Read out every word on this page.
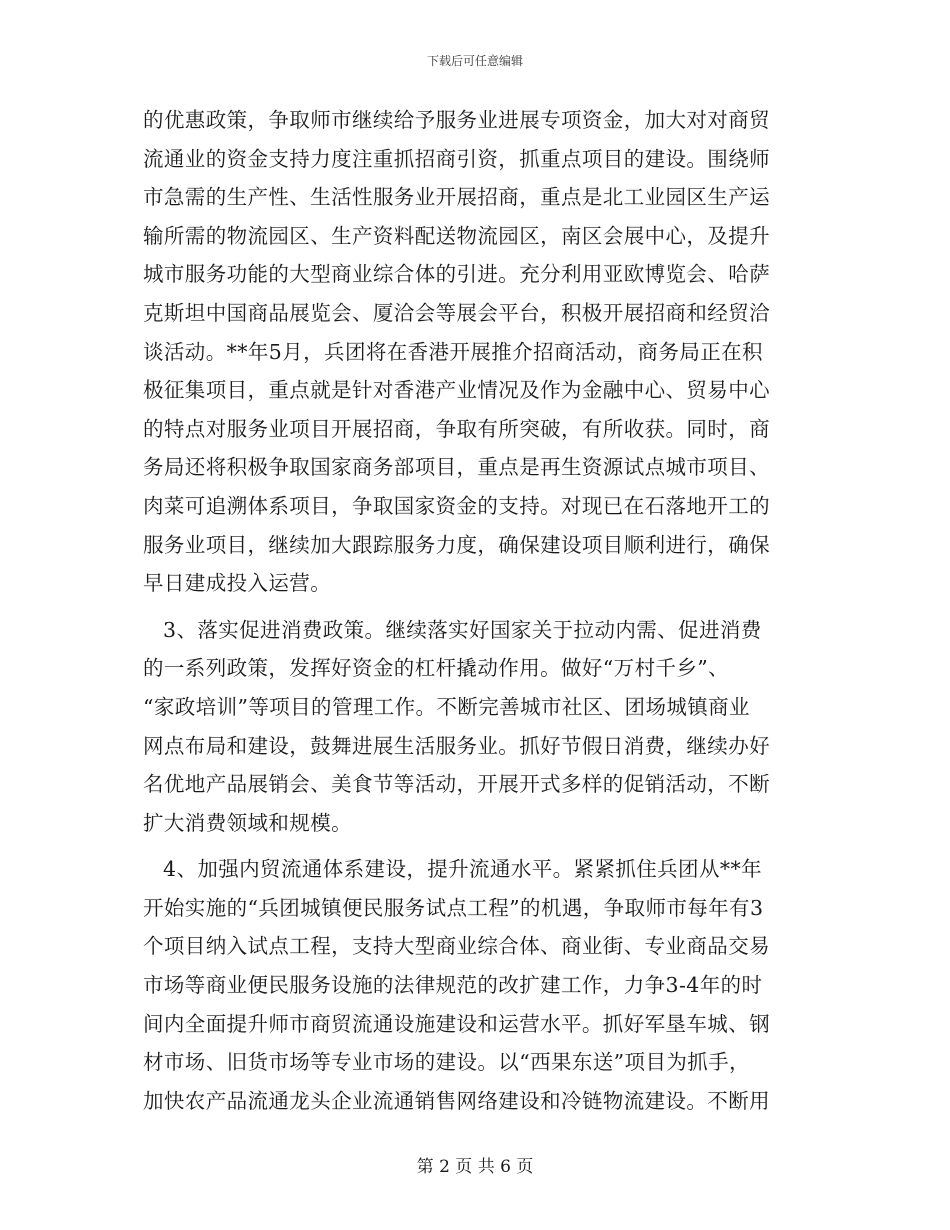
下载后可任意编辑
的优惠政策，争取师市继续给予服务业进展专项资金，加大对对商贸
流通业的资金支持力度注重抓招商引资，抓重点项目的建设。围绕师
市急需的生产性、生活性服务业开展招商，重点是北工业园区生产运
输所需的物流园区、生产资料配送物流园区，南区会展中心，及提升
城市服务功能的大型商业综合体的引进。充分利用亚欧博览会、哈萨
克斯坦中国商品展览会、厦洽会等展会平台，积极开展招商和经贸洽
谈活动。**年5月，兵团将在香港开展推介招商活动，商务局正在积
极征集项目，重点就是针对香港产业情况及作为金融中心、贸易中心
的特点对服务业项目开展招商，争取有所突破，有所收获。同时，商
务局还将积极争取国家商务部项目，重点是再生资源试点城市项目、
肉菜可追溯体系项目，争取国家资金的支持。对现已在石落地开工的
服务业项目，继续加大跟踪服务力度，确保建设项目顺利进行，确保
早日建成投入运营。
3、落实促进消费政策。继续落实好国家关于拉动内需、促进消费
的一系列政策，发挥好资金的杠杆撬动作用。做好“万村千乡”、
“家政培训”等项目的管理工作。不断完善城市社区、团场城镇商业
网点布局和建设，鼓舞进展生活服务业。抓好节假日消费，继续办好
名优地产品展销会、美食节等活动，开展开式多样的促销活动，不断
扩大消费领域和规模。
4、加强内贸流通体系建设，提升流通水平。紧紧抓住兵团从**年
开始实施的“兵团城镇便民服务试点工程”的机遇，争取师市每年有3
个项目纳入试点工程，支持大型商业综合体、商业街、专业商品交易
市场等商业便民服务设施的法律规范的改扩建工作，力争3-4年的时
间内全面提升师市商贸流通设施建设和运营水平。抓好军垦车城、钢
材市场、旧货市场等专业市场的建设。以“西果东送”项目为抓手，
加快农产品流通龙头企业流通销售网络建设和冷链物流建设。不断用
第 2 页 共 6 页
